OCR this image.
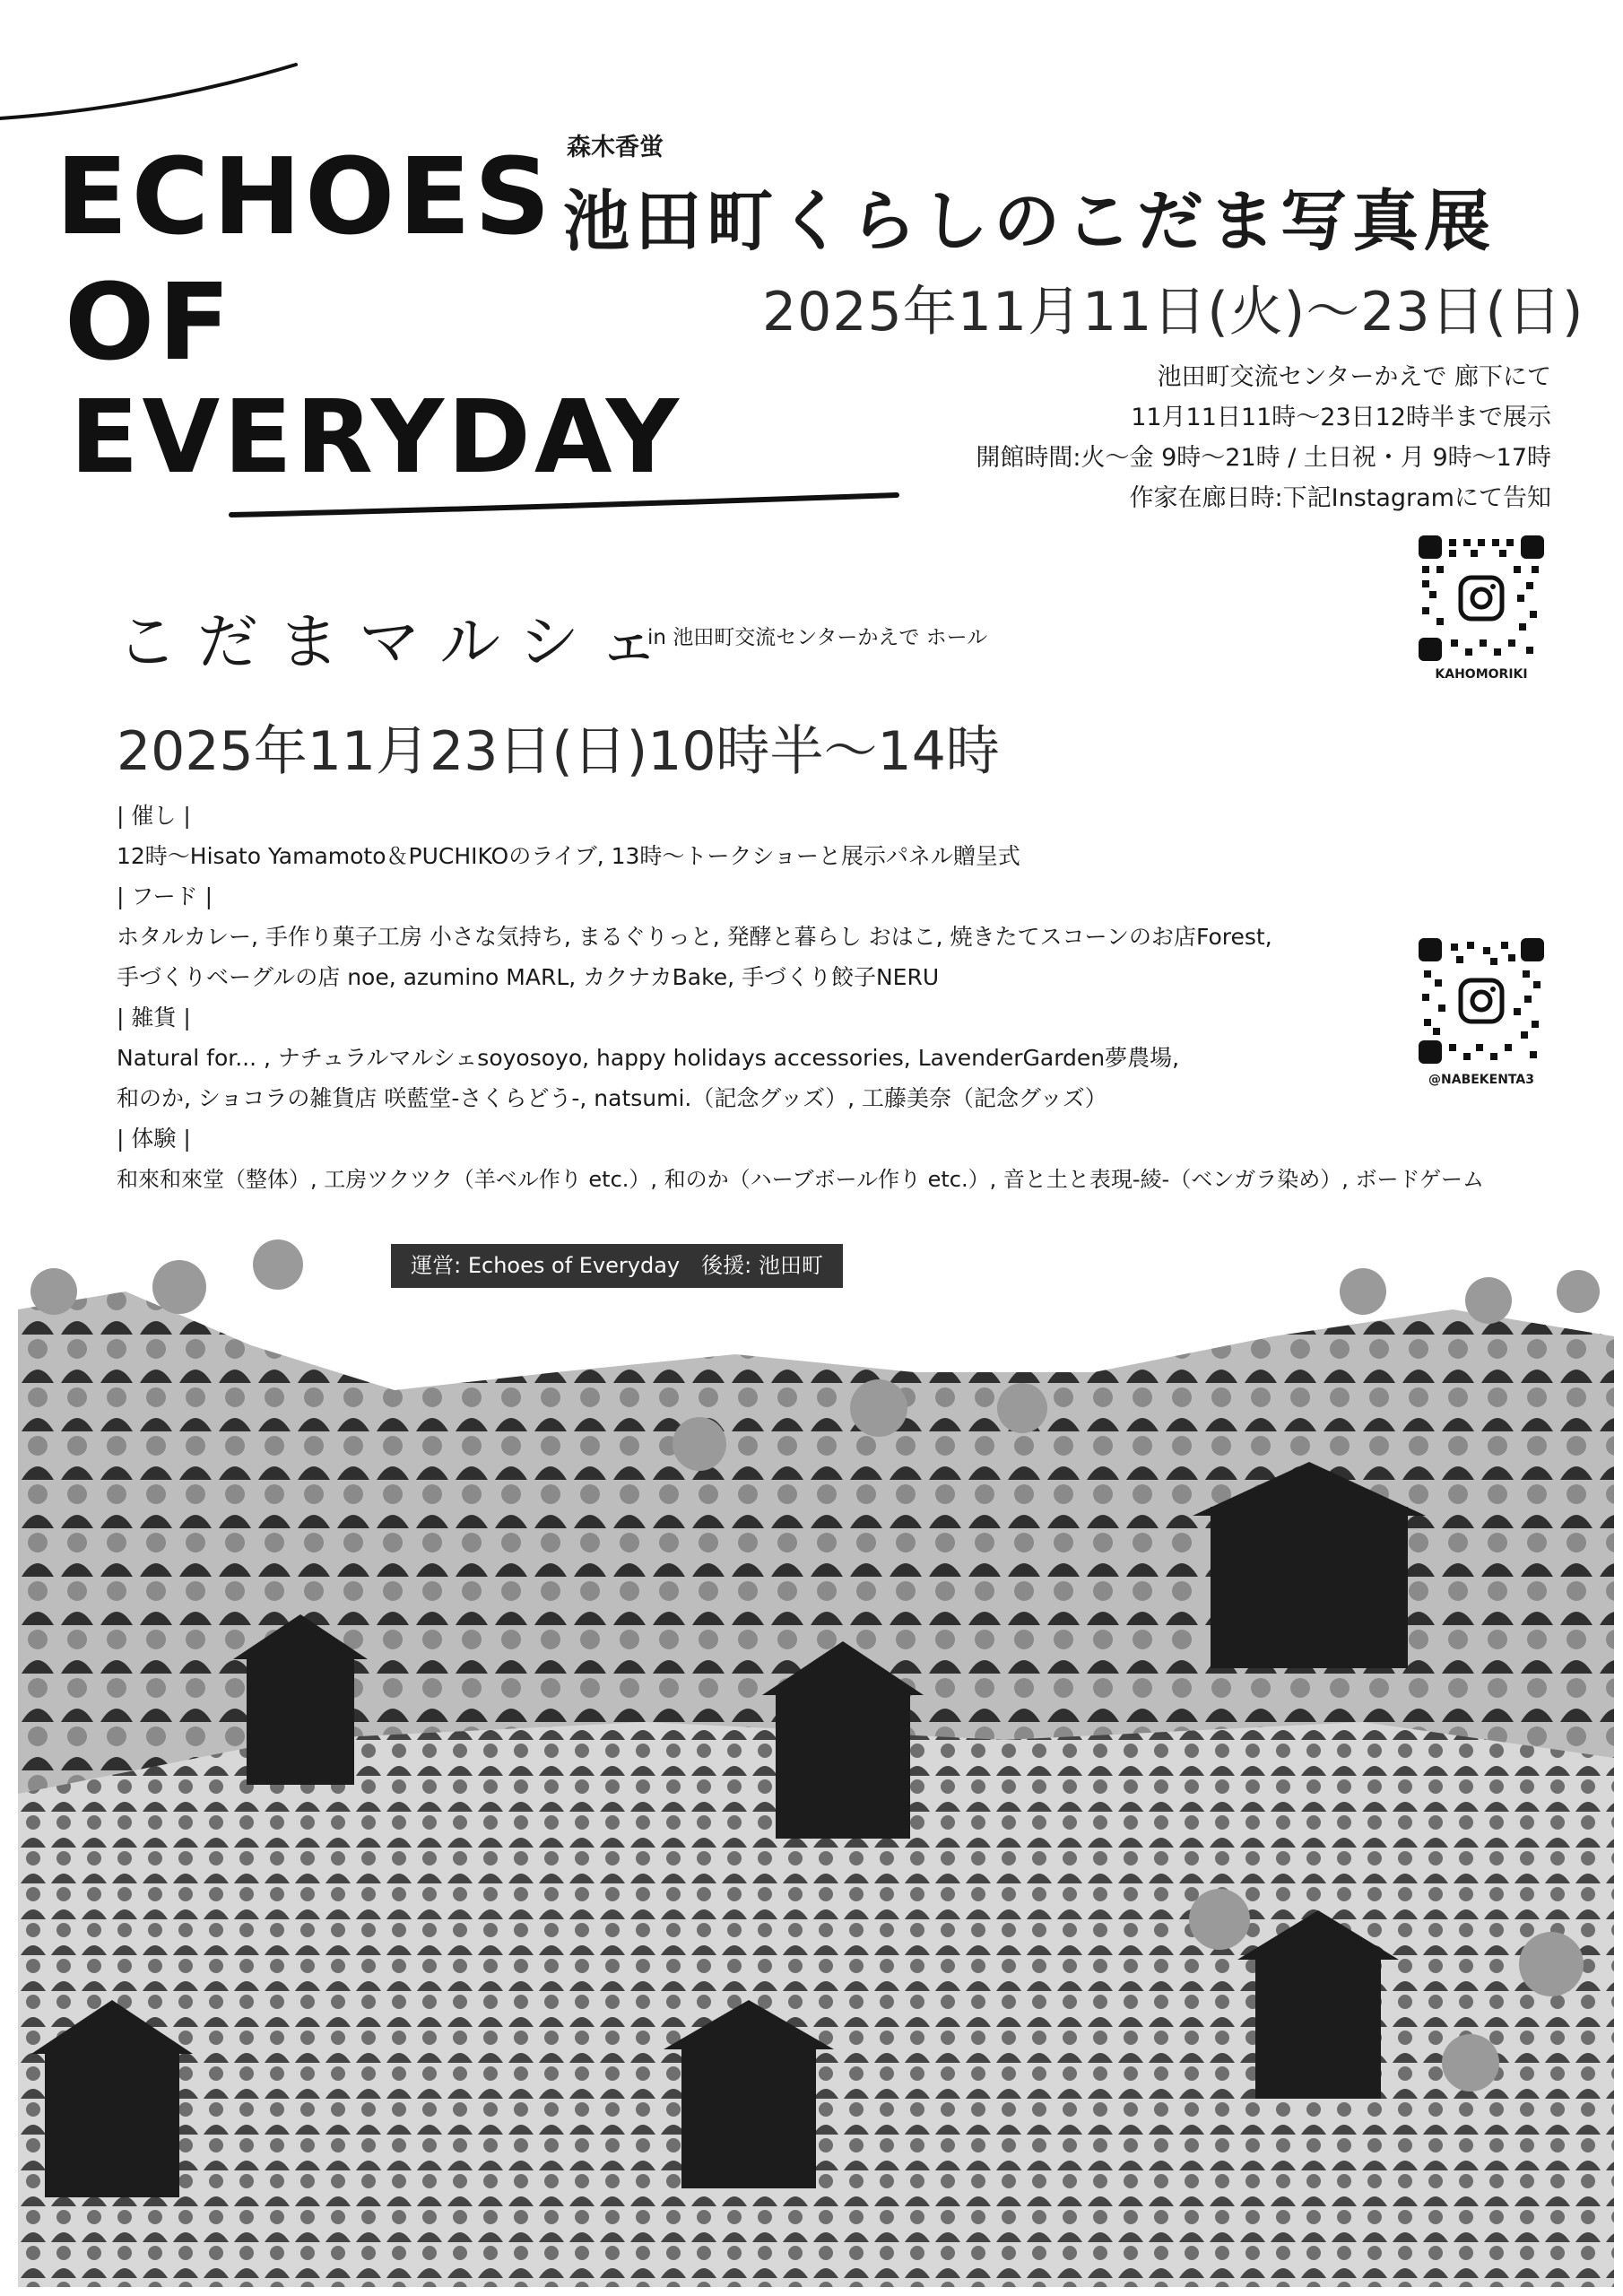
ECHOES
OF
EVERYDAY
森木香蛍
池田町くらしのこだま写真展
2025年11月11日(火)〜23日(日)
池田町交流センターかえで 廊下にて
11月11日11時〜23日12時半まで展示
開館時間:火〜金 9時〜21時 / 土日祝・月 9時〜17時
作家在廊日時:下記Instagramにて告知
KAHOMORIKI
@NABEKENTA3
こだまマルシェ
in 池田町交流センターかえで ホール
2025年11月23日(日)10時半〜14時
| 催し |
12時〜Hisato Yamamoto＆PUCHIKOのライブ, 13時〜トークショーと展示パネル贈呈式
| フード |
ホタルカレー, 手作り菓子工房 小さな気持ち, まるぐりっと, 発酵と暮らし おはこ, 焼きたてスコーンのお店Forest,
手づくりベーグルの店 noe, azumino MARL, カクナカBake, 手づくり餃子NERU
| 雑貨 |
Natural for... , ナチュラルマルシェsoyosoyo, happy holidays accessories, LavenderGarden夢農場,
和のか, ショコラの雑貨店 咲藍堂-さくらどう-, natsumi.（記念グッズ）, 工藤美奈（記念グッズ）
| 体験 |
和來和來堂（整体）, 工房ツクツク（羊ベル作り etc.）, 和のか（ハーブボール作り etc.）, 音と土と表現-綾-（ベンガラ染め）, ボードゲーム
運営: Echoes of Everyday　後援: 池田町
